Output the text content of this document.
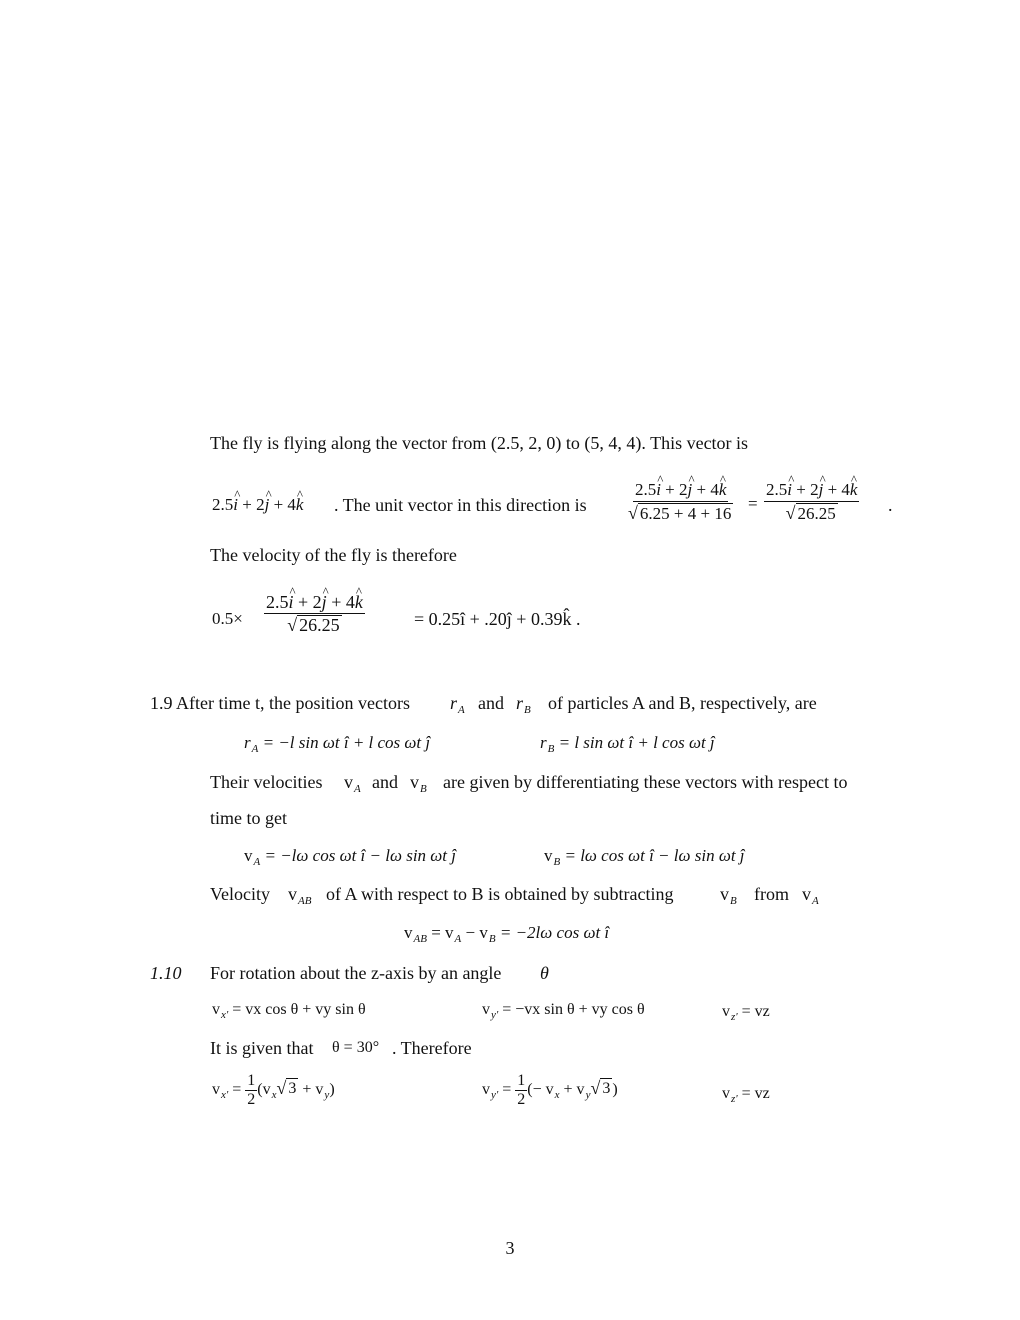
The fly is flying along the vector from (2.5, 2, 0) to (5, 4, 4). This vector is
2.5i ^ + 2j ^ + 4k ^ . The unit vector in this direction is $\frac{2.5i \^{} + 2j \^{} + 4k \^{}}{√ 6.25 + 4 + 16} = \frac{2.5i \^{} + 2j \^{} + 4k \^{}}{√ 26.25}$ .
The velocity of the fly is therefore
$0.5\times \frac{2.5i \^{} + 2j \^{} + 4k \^{}}{√ 26.25}$	= 0.25î + .20ĵ + 0.39k̂ .
1.9 After time t, the position vectors $r_A$ and $r_B$ of particles A and B, respectively, are
$r_A = -l$ sin ωt î + l cos ωt ĵ	$r_B = l$ sin ωt î + l cos ωt ĵ
Their velocities $v_A$ and $v_B$ are given by differentiating these vectors with respect to
time to get
$v_A = -l\omega$ cos ωt î − lω sin ωt ĵ	$v_B = l\omega$ cos ωt î − lω sin ωt ĵ
Velocity $v_{AB}$ of A with respect to B is obtained by subtracting	$v_B$ from $v_A$
$v_{AB} = v_A - v_B = -2l\omega$ cos ωt î
1.10 For rotation about the z-axis by an angle θ
$v_{x'}$ = vx cos θ + vy sin θ	$v_{y'} = -vx$ sin θ + vy cos θ	$v_{z'}$ = vz
It is given that θ = 30° . Therefore
$v_{x'} = \frac{1}{2} (v_x$ √ $3 + v_y$)	$v_{y'} = \frac{1}{2}$ (− $v_x + v_y$ √ 3 )	$v_{z'}$ = vz
3
